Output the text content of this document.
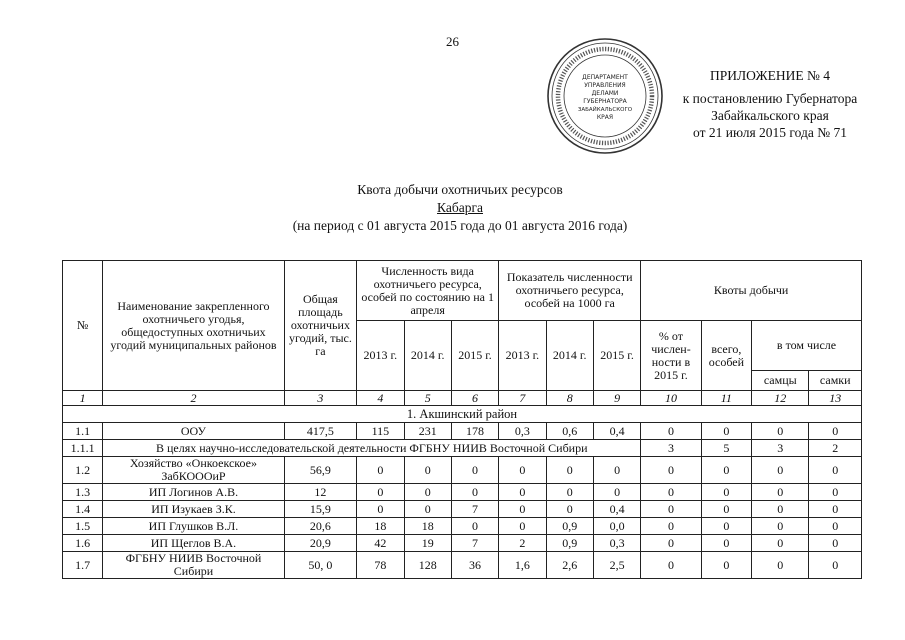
26
ДЕПАРТАМЕНТ
УПРАВЛЕНИЯ
ДЕЛАМИ
ГУБЕРНАТОРА
ЗАБАЙКАЛЬСКОГО
КРАЯ
ПРИЛОЖЕНИЕ № 4
к постановлению Губернатора
Забайкальского края
от 21 июля 2015 года № 71
Квота добычи охотничьих ресурсов
Кабарга
(на период с 01 августа 2015 года до 01 августа 2016 года)
№	Наименование закрепленного охотничьего угодья, общедоступных охотничьих угодий муниципальных районов	Общая площадь охотничьих угодий, тыс. га	Численность вида охотничьего ресурса, особей по состоянию на 1 апреля			Показатель численности охотничьего ресурса, особей на 1000 га			Квоты добычи			
			2013 г.	2014 г.	2015 г.	2013 г.	2014 г.	2015 г.	% от числен-ности в 2015 г.	всего, особей	в том числе	
											самцы	самки
1	2	3	4	5	6	7	8	9	10	11	12	13
1. Акшинский район												
1.1	ООУ	417,5	115	231	178	0,3	0,6	0,4	0	0	0	0
1.1.1	В целях научно-исследовательской деятельности ФГБНУ НИИВ Восточной Сибири								3	5	3	2
1.2	Хозяйство «Онкоекское» ЗабКОООиР	56,9	0	0	0	0	0	0	0	0	0	0
1.3	ИП Логинов А.В.	12	0	0	0	0	0	0	0	0	0	0
1.4	ИП Изукаев З.К.	15,9	0	0	7	0	0	0,4	0	0	0	0
1.5	ИП Глушков В.Л.	20,6	18	18	0	0	0,9	0,0	0	0	0	0
1.6	ИП Щеглов В.А.	20,9	42	19	7	2	0,9	0,3	0	0	0	0
1.7	ФГБНУ НИИВ Восточной Сибири	50, 0	78	128	36	1,6	2,6	2,5	0	0	0	0
